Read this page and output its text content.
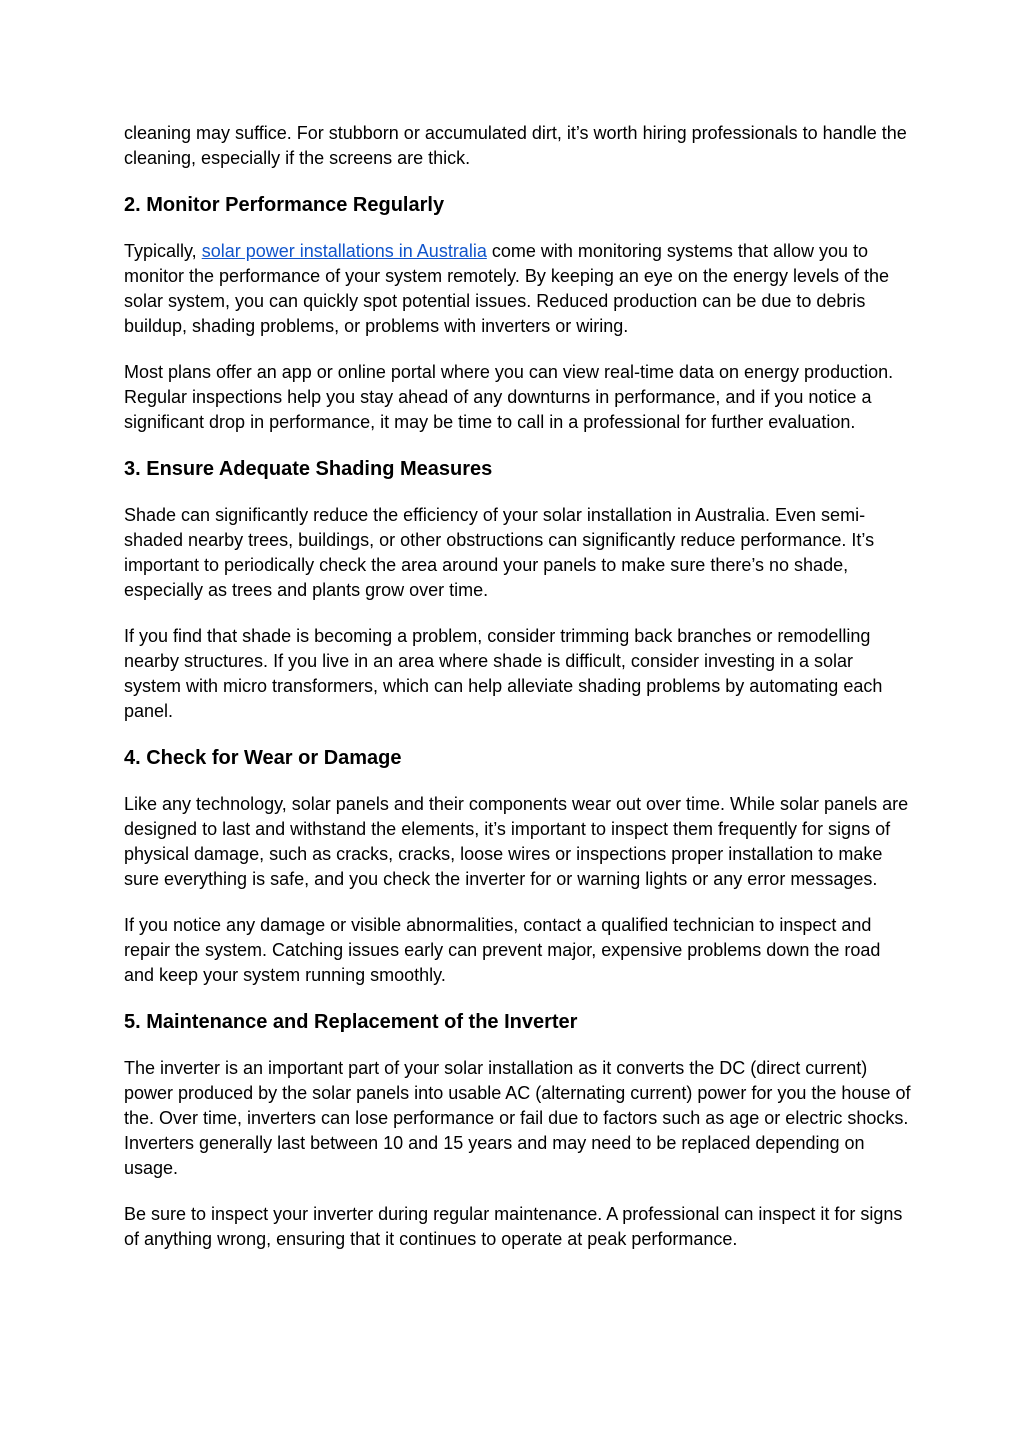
cleaning may suffice. For stubborn or accumulated dirt, it’s worth hiring professionals to handle the cleaning, especially if the screens are thick.

2. Monitor Performance Regularly

Typically, solar power installations in Australia come with monitoring systems that allow you to monitor the performance of your system remotely. By keeping an eye on the energy levels of the solar system, you can quickly spot potential issues. Reduced production can be due to debris buildup, shading problems, or problems with inverters or wiring.

Most plans offer an app or online portal where you can view real-time data on energy production. Regular inspections help you stay ahead of any downturns in performance, and if you notice a significant drop in performance, it may be time to call in a professional for further evaluation.

3. Ensure Adequate Shading Measures

Shade can significantly reduce the efficiency of your solar installation in Australia. Even semi-shaded nearby trees, buildings, or other obstructions can significantly reduce performance. It’s important to periodically check the area around your panels to make sure there’s no shade, especially as trees and plants grow over time.

If you find that shade is becoming a problem, consider trimming back branches or remodelling nearby structures. If you live in an area where shade is difficult, consider investing in a solar system with micro transformers, which can help alleviate shading problems by automating each panel.

4. Check for Wear or Damage

Like any technology, solar panels and their components wear out over time. While solar panels are designed to last and withstand the elements, it’s important to inspect them frequently for signs of physical damage, such as cracks, cracks, loose wires or inspections proper installation to make sure everything is safe, and you check the inverter for or warning lights or any error messages.

If you notice any damage or visible abnormalities, contact a qualified technician to inspect and repair the system. Catching issues early can prevent major, expensive problems down the road and keep your system running smoothly.

5. Maintenance and Replacement of the Inverter

The inverter is an important part of your solar installation as it converts the DC (direct current) power produced by the solar panels into usable AC (alternating current) power for you the house of the. Over time, inverters can lose performance or fail due to factors such as age or electric shocks. Inverters generally last between 10 and 15 years and may need to be replaced depending on usage.

Be sure to inspect your inverter during regular maintenance. A professional can inspect it for signs of anything wrong, ensuring that it continues to operate at peak performance.
